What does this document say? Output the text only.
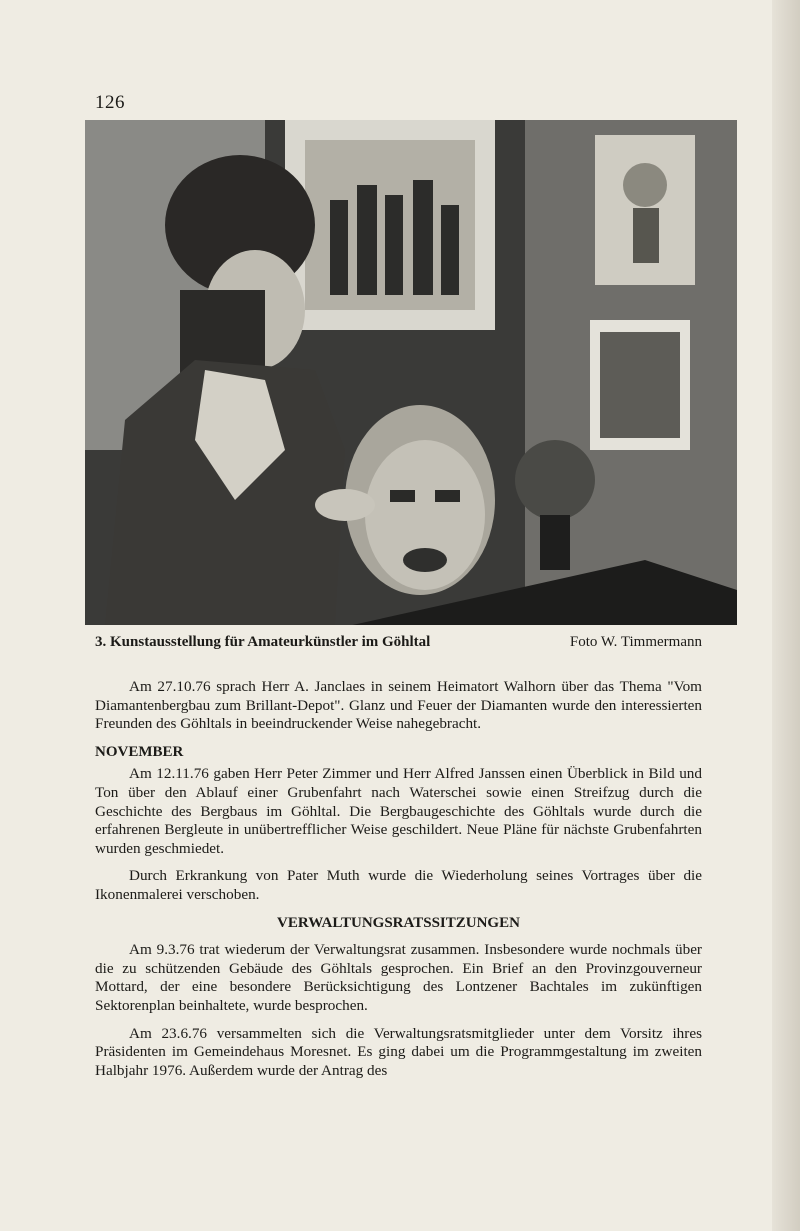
126
3. Kunstausstellung für Amateurkünstler im Göhltal	Foto W. Timmermann

Am 27.10.76 sprach Herr A. Janclaes in seinem Heimatort Walhorn über das Thema "Vom Diamantenbergbau zum Brillant-Depot". Glanz und Feuer der Diamanten wurde den interessierten Freunden des Göhltals in beeindruckender Weise nahegebracht.

NOVEMBER

Am 12.11.76 gaben Herr Peter Zimmer und Herr Alfred Janssen einen Überblick in Bild und Ton über den Ablauf einer Grubenfahrt nach Waterschei sowie einen Streifzug durch die Geschichte des Bergbaus im Göhltal. Die Bergbaugeschichte des Göhltals wurde durch die erfahrenen Bergleute in unübertrefflicher Weise geschildert. Neue Pläne für nächste Grubenfahrten wurden geschmiedet.

Durch Erkrankung von Pater Muth wurde die Wiederholung seines Vortrages über die Ikonenmalerei verschoben.

VERWALTUNGSRATSSITZUNGEN

Am 9.3.76 trat wiederum der Verwaltungsrat zusammen. Insbesondere wurde nochmals über die zu schützenden Gebäude des Göhltals gesprochen. Ein Brief an den Provinzgouverneur Mottard, der eine besondere Berücksichtigung des Lontzener Bachtales im zukünftigen Sektorenplan beinhaltete, wurde besprochen.

Am 23.6.76 versammelten sich die Verwaltungsratsmitglieder unter dem Vorsitz ihres Präsidenten im Gemeindehaus Moresnet. Es ging dabei um die Programmgestaltung im zweiten Halbjahr 1976. Außerdem wurde der Antrag des
